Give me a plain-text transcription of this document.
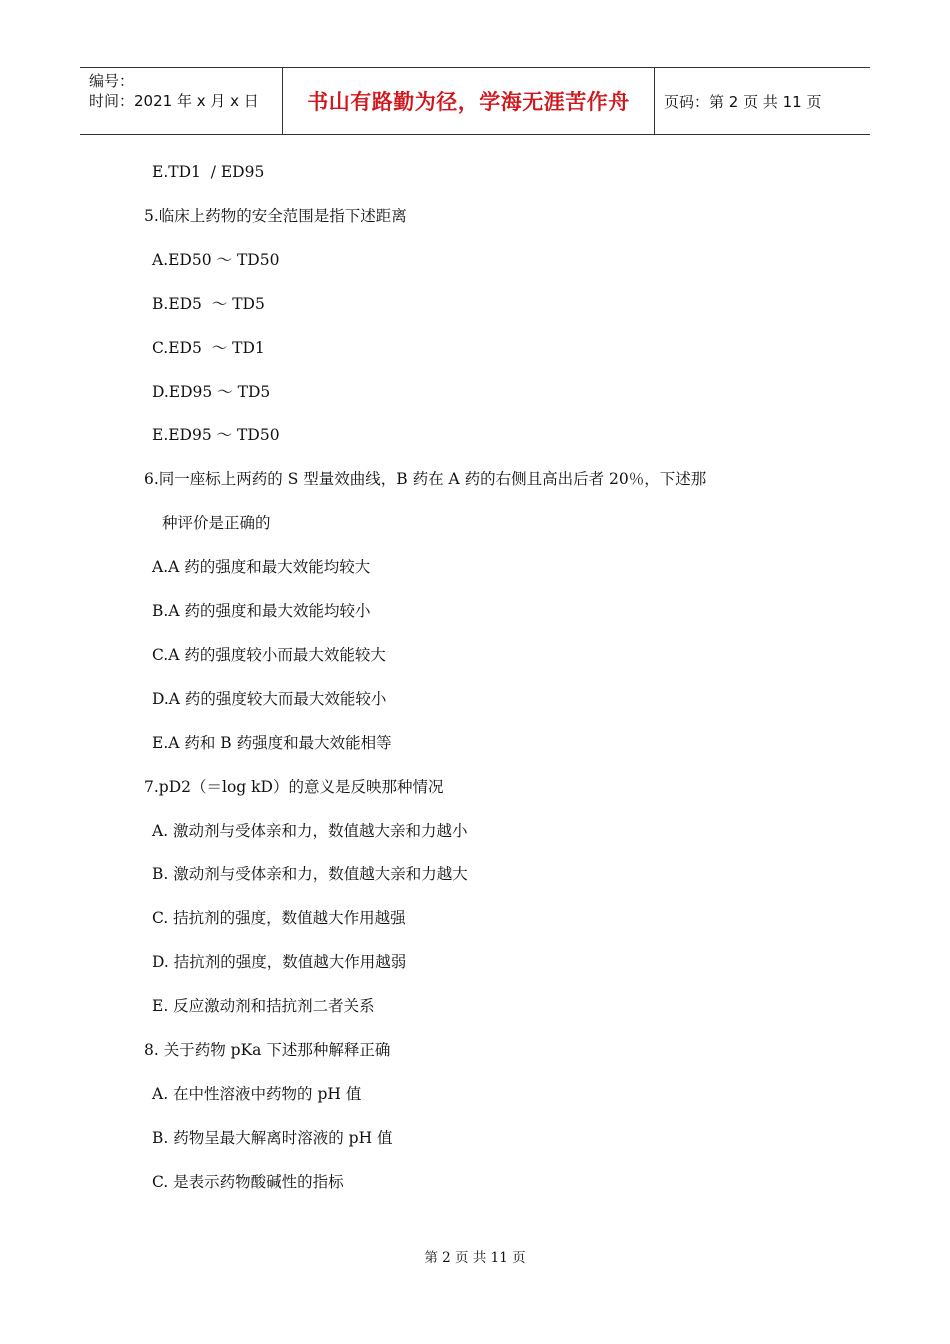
编号：
时间：2021 年 x 月 x 日	书山有路勤为径，学海无涯苦作舟 页码：第 2 页 共 11 页
E.TD1  / ED95
5.临床上药物的安全范围是指下述距离
A.ED50 ～ TD50
B.ED5  ～ TD5
C.ED5  ～ TD1
D.ED95 ～ TD5
E.ED95 ～ TD50
6.同一座标上两药的 S 型量效曲线，B 药在 A 药的右侧且高出后者 20％，下述那
种评价是正确的
A.A 药的强度和最大效能均较大
B.A 药的强度和最大效能均较小
C.A 药的强度较小而最大效能较大
D.A 药的强度较大而最大效能较小
E.A 药和 B 药强度和最大效能相等
7.pD2（＝log kD）的意义是反映那种情况
A. 激动剂与受体亲和力，数值越大亲和力越小
B. 激动剂与受体亲和力，数值越大亲和力越大
C. 拮抗剂的强度，数值越大作用越强
D. 拮抗剂的强度，数值越大作用越弱
E. 反应激动剂和拮抗剂二者关系
8. 关于药物 pKa 下述那种解释正确
A. 在中性溶液中药物的 pH 值
B. 药物呈最大解离时溶液的 pH 值
C. 是表示药物酸碱性的指标
第 2 页 共 11 页
